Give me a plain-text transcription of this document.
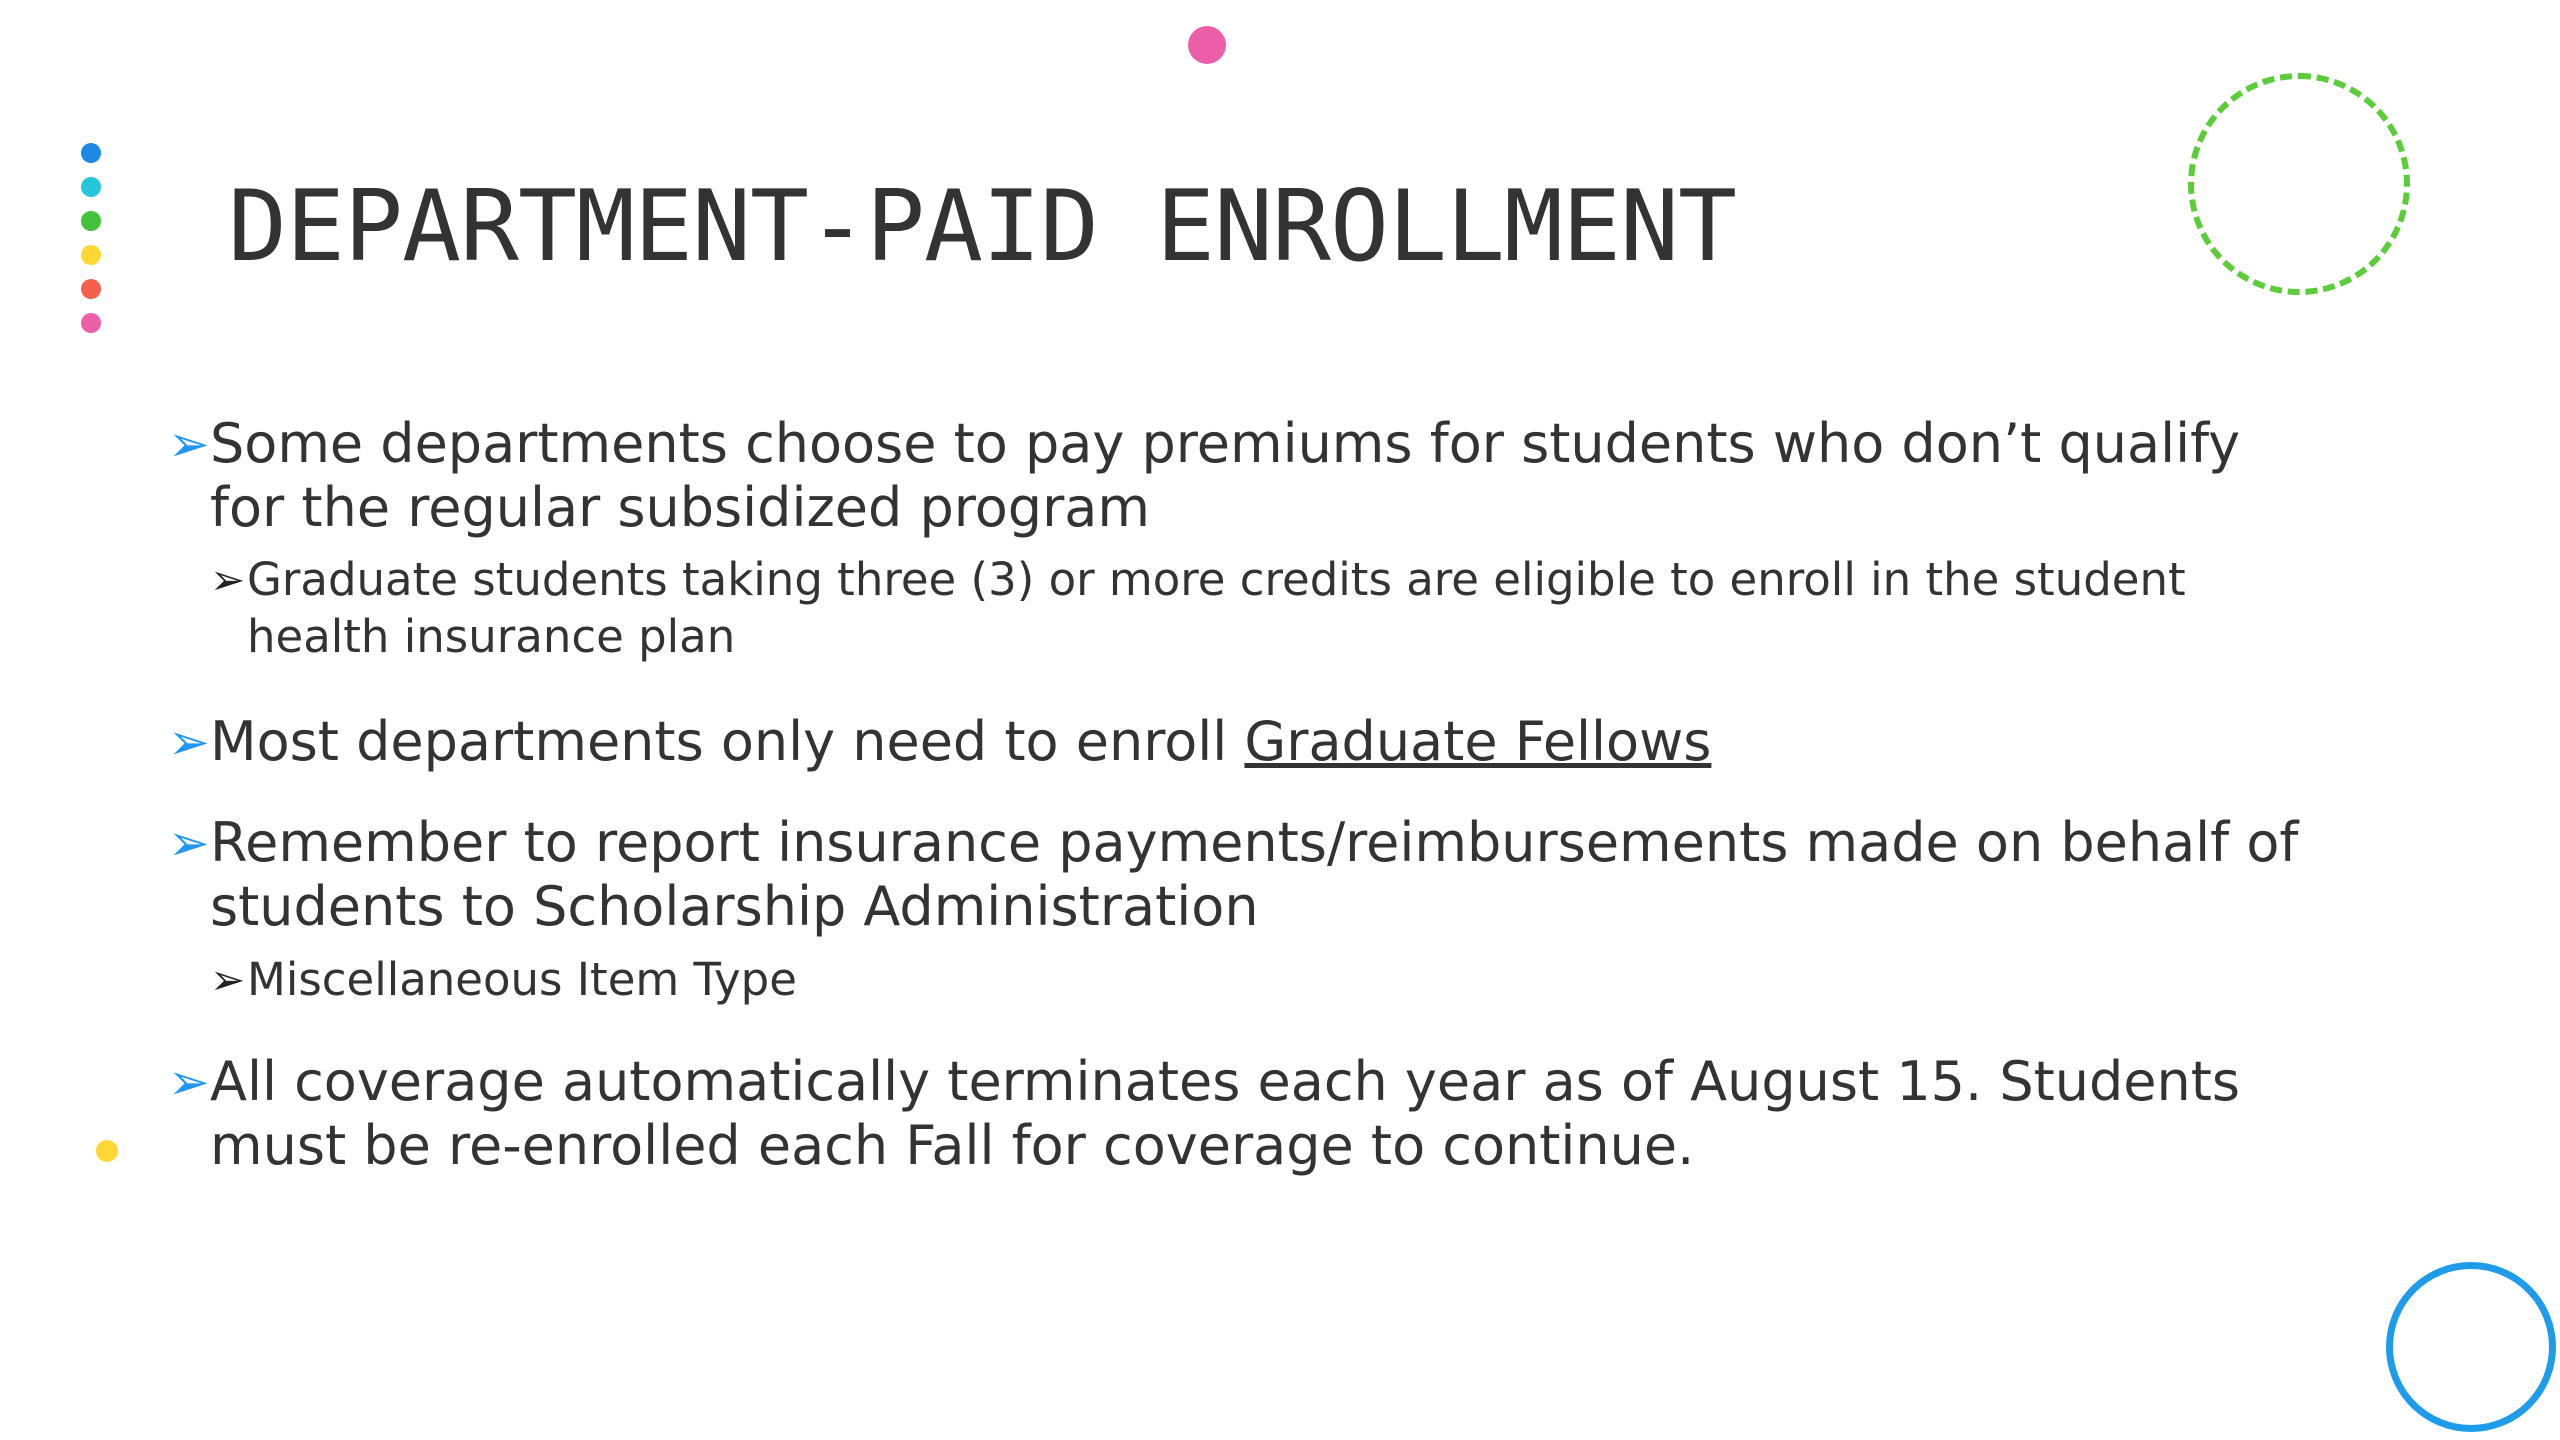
DEPARTMENT-PAID ENROLLMENT
➢ Some departments choose to pay premiums for students who don’t qualify for the regular subsidized program
➢ Graduate students taking three (3) or more credits are eligible to enroll in the student health insurance plan
➢ Most departments only need to enroll Graduate Fellows
➢ Remember to report insurance payments/reimbursements made on behalf of students to Scholarship Administration
➢ Miscellaneous Item Type
➢ All coverage automatically terminates each year as of August 15. Students must be re-enrolled each Fall for coverage to continue.
